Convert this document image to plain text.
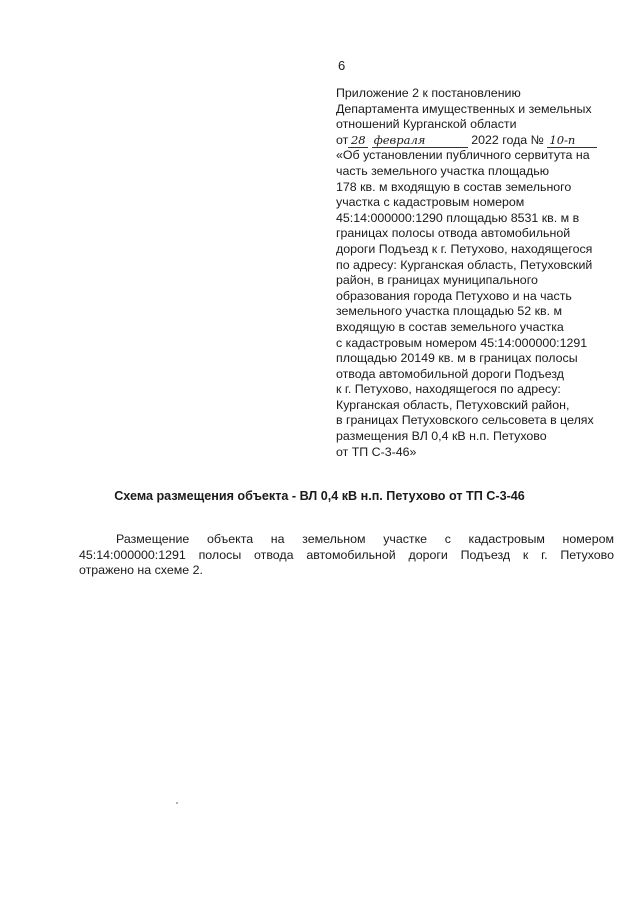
6
Приложение 2 к постановлению
Департамента имущественных и земельных
отношений Курганской области
от 28 февраля	2022 года № 10-п
«Об установлении публичного сервитута на
часть земельного участка площадью
178 кв. м входящую в состав земельного
участка с кадастровым номером
45:14:000000:1290 площадью 8531 кв. м в
границах полосы отвода автомобильной
дороги Подъезд к г. Петухово, находящегося
по адресу: Курганская область, Петуховский
район, в границах муниципального
образования города Петухово и на часть
земельного участка площадью 52 кв. м
входящую в состав земельного участка
с кадастровым номером 45:14:000000:1291
площадью 20149 кв. м в границах полосы
отвода автомобильной дороги Подъезд
к г. Петухово, находящегося по адресу:
Курганская область, Петуховский район,
в границах Петуховского сельсовета в целях
размещения ВЛ 0,4 кВ н.п. Петухово
от ТП С-3-46»
Схема размещения объекта - ВЛ 0,4 кВ н.п. Петухово от ТП С-3-46
Размещение объекта на земельном участке с кадастровым номером
45:14:000000:1291 полосы отвода автомобильной дороги Подъезд к г. Петухово
отражено на схеме 2.
